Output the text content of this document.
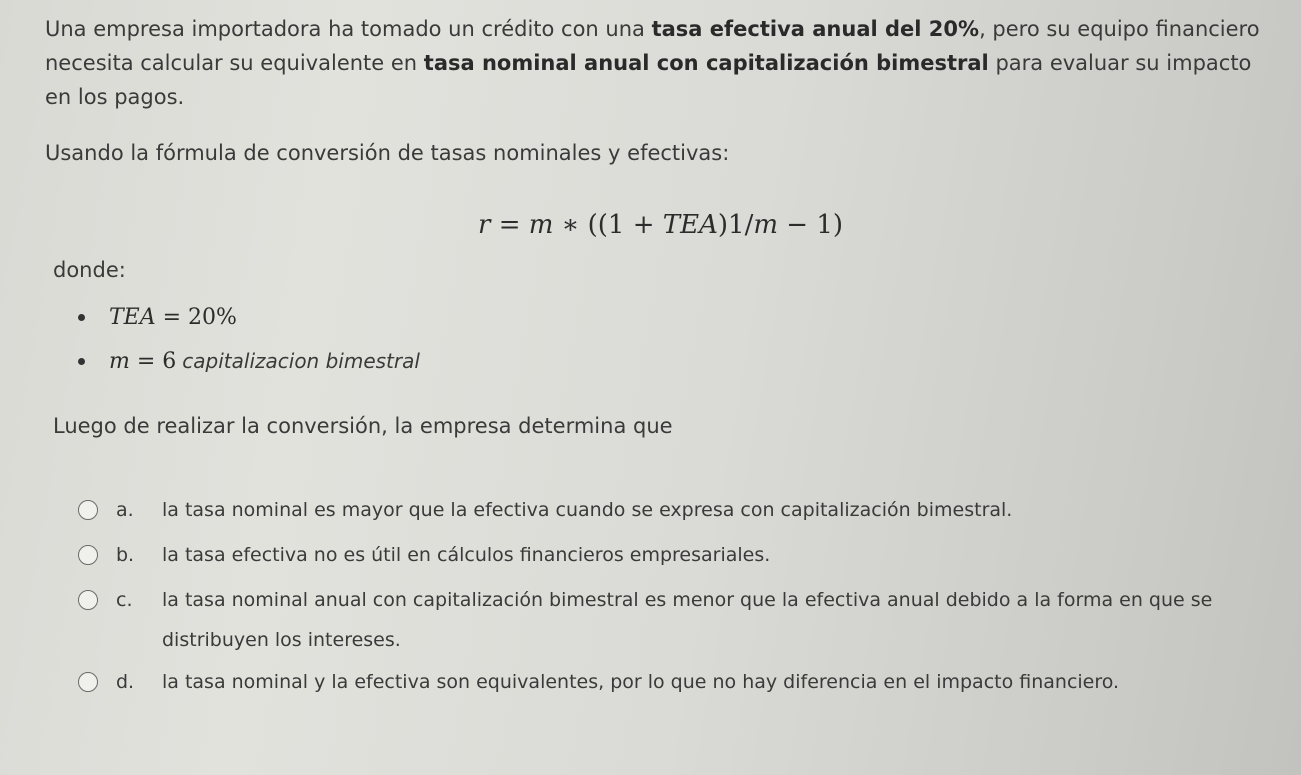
Una empresa importadora ha tomado un crédito con una tasa efectiva anual del 20%, pero su equipo financiero necesita calcular su equivalente en tasa nominal anual con capitalización bimestral para evaluar su impacto en los pagos.
Usando la fórmula de conversión de tasas nominales y efectivas:
r = m ∗ ((1 + TEA)1/m − 1)
donde:
TEA = 20%
m = 6 capitalizacion bimestral
Luego de realizar la conversión, la empresa determina que
a.	la tasa nominal es mayor que la efectiva cuando se expresa con capitalización bimestral.
b.	la tasa efectiva no es útil en cálculos financieros empresariales.
c.	la tasa nominal anual con capitalización bimestral es menor que la efectiva anual debido a la forma en que se distribuyen los intereses.
d.	la tasa nominal y la efectiva son equivalentes, por lo que no hay diferencia en el impacto financiero.
